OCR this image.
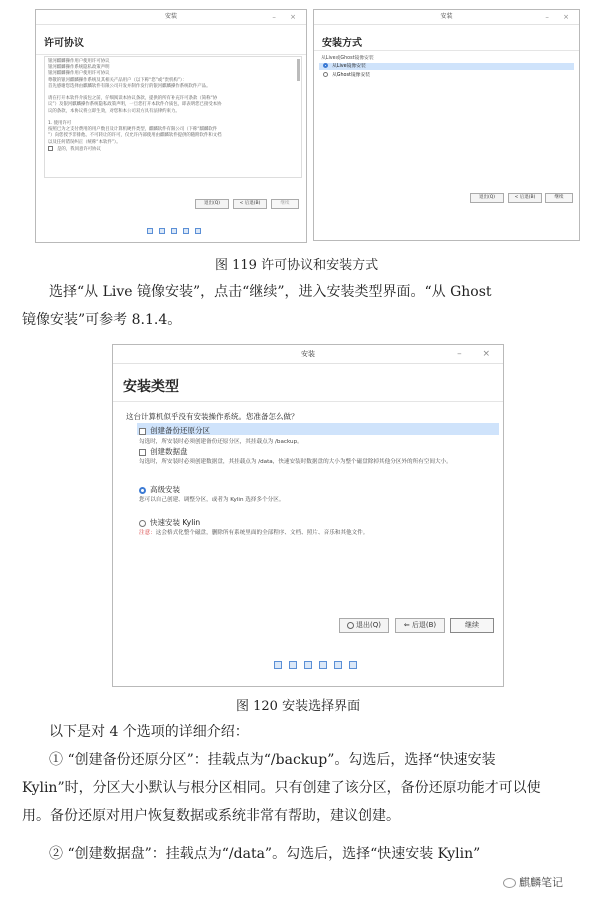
安装	– ×
许可协议
银河麒麟操作用户使用许可协议
银河麒麟操作系统隐私政策声明
银河麒麟操作用户使用许可协议
尊敬的银河麒麟操作系统及其相关产品用户（以下称“您”或“贵机构”）：
首先感谢您选择由麒麟软件有限公司开发并制作发行的银河麒麟操作系统软件产品。

请在打开本软件介质包之前，仔细阅读本协议条款，提供的所有补充许可条款（简称“协
议”）及银河麒麟操作系统隐私政策声明，一旦您打开本软件介质包，即表明您已接受本协
议的条款，本协议将立即生效，对您和本公司双方具有法律约束力。

1. 使用许可
按照已为之支付费用的用户数目及计算机硬件类型，麒麟软件有限公司（下称“麒麟软件
”）向您授予非排他、不可转让的许可，仅允许内部使用由麒麟软件提供的随附软件和文档
以及任何错误纠正（统称“本软件”）。
是的，我同意许可协议
退出(Q)	< 后退(B)	继续
安装	– ×
安装方式
从Live或Ghost镜像安装
从Live镜像安装
从Ghost镜像安装
退出(Q)	< 后退(B)	继续
图 119 许可协议和安装方式
选择“从 Live 镜像安装”，点击“继续”，进入安装类型界面。“从 Ghost
镜像安装”可参考 8.1.4。
安装	– ×
安装类型
这台计算机似乎没有安装操作系统。您准备怎么做？
创建备份还原分区
勾选时，所安装时必须创建备份还原分区，其挂载点为 /backup。
创建数据盘
勾选时，所安装时必须创建数据盘，其挂载点为 /data，快速安装时数据盘的大小为整个磁盘除掉其他分区外的所有空间大小。
高级安装
您可以自己创建、调整分区，或者为 Kylin 选择多个分区。
快速安装 Kylin
注意：这会格式化整个磁盘，删除所有系统里面的全部程序、文档、照片、音乐和其他文件。
退出(Q)	⇐ 后退(B)	继续
图 120 安装选择界面
以下是对 4 个选项的详细介绍：
① “创建备份还原分区”：挂载点为“/backup”。勾选后，选择“快速安装
Kylin”时，分区大小默认与根分区相同。只有创建了该分区，备份还原功能才可以使
用。备份还原对用户恢复数据或系统非常有帮助，建议创建。
② “创建数据盘”：挂载点为“/data”。勾选后，选择“快速安装 Kylin”
麒麟笔记
